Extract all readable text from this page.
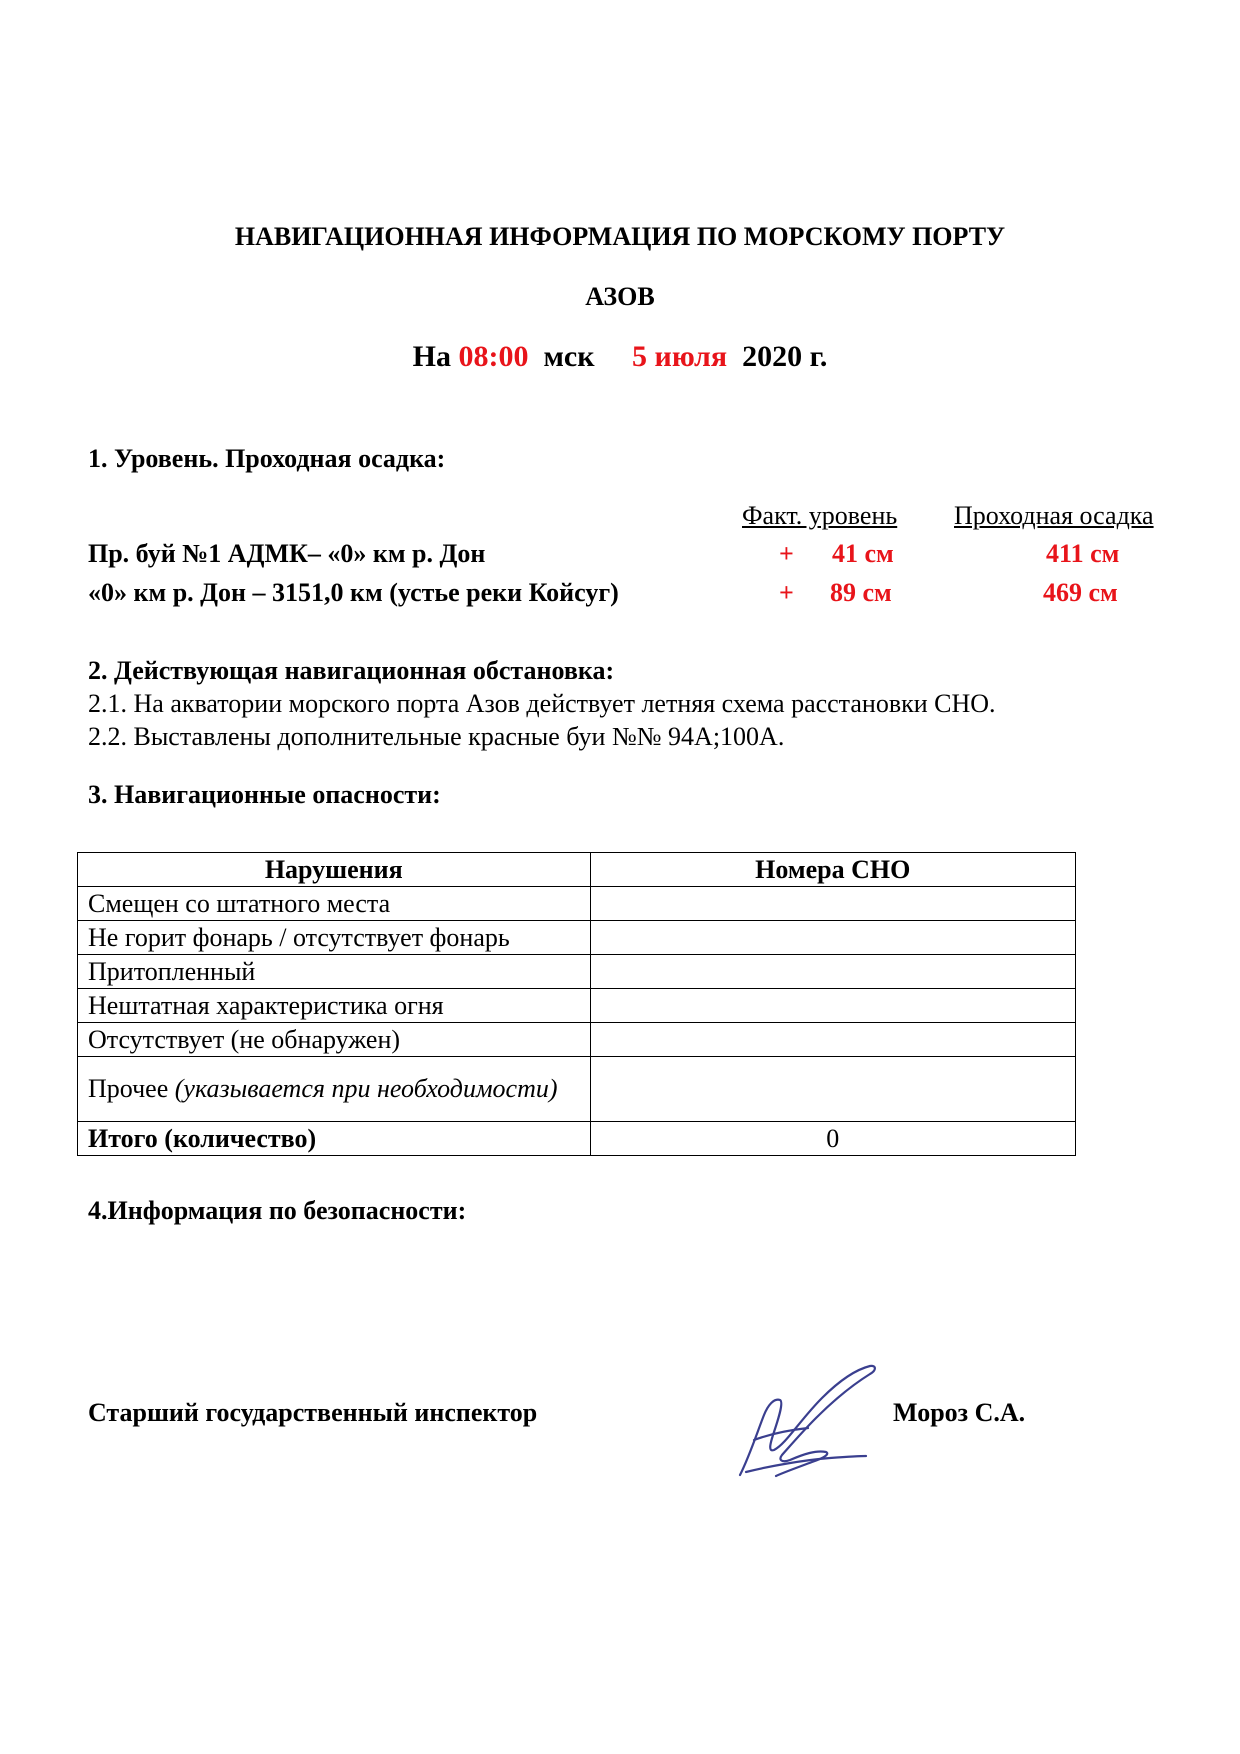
НАВИГАЦИОННАЯ ИНФОРМАЦИЯ ПО МОРСКОМУ ПОРТУ
АЗОВ
На 08:00 мск 5 июля 2020 г.
1. Уровень. Проходная осадка:
Факт. уровень Проходная осадка
Пр. буй №1 АДМК– «0» км р. Дон	+ 41 см	411 см
«0» км р. Дон – 3151,0 км (устье реки Койсуг)	+ 89 см	469 см
2. Действующая навигационная обстановка:
2.1. На акватории морского порта Азов действует летняя схема расстановки СНО.
2.2. Выставлены дополнительные красные буи №№ 94А;100А.
3. Навигационные опасности:
Нарушения	Номера СНО
Смещен со штатного места	
Не горит фонарь / отсутствует фонарь	
Притопленный	
Нештатная характеристика огня	
Отсутствует (не обнаружен)	
Прочее (указывается при необходимости)	
Итого (количество)	0
4.Информация по безопасности:
Старший государственный инспектор	Мороз С.А.
